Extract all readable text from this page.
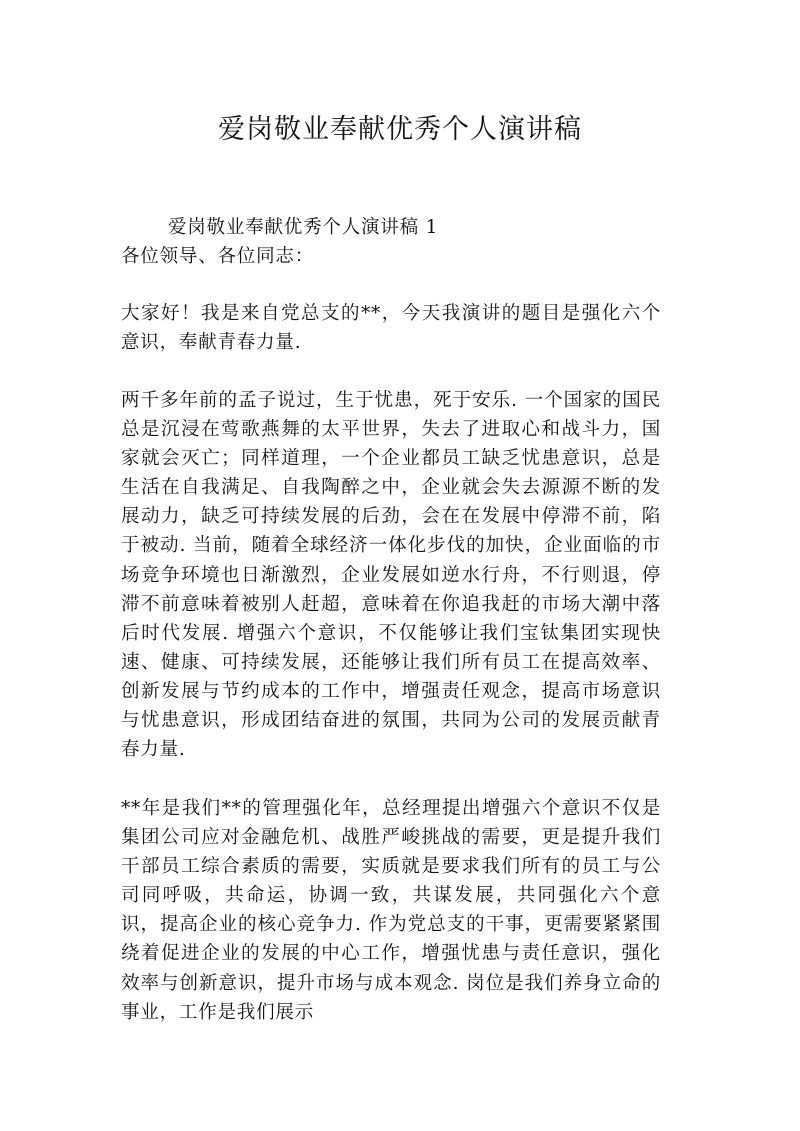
爱岗敬业奉献优秀个人演讲稿

爱岗敬业奉献优秀个人演讲稿 1

各位领导、各位同志：

大家好！我是来自党总支的**，今天我演讲的题目是强化六个意识，奉献青春力量.

两千多年前的孟子说过，生于忧患，死于安乐. 一个国家的国民总是沉浸在莺歌燕舞的太平世界，失去了进取心和战斗力，国家就会灭亡；同样道理，一个企业都员工缺乏忧患意识，总是生活在自我满足、自我陶醉之中，企业就会失去源源不断的发展动力，缺乏可持续发展的后劲，会在在发展中停滞不前，陷于被动. 当前，随着全球经济一体化步伐的加快，企业面临的市场竞争环境也日渐激烈，企业发展如逆水行舟，不行则退，停滞不前意味着被别人赶超，意味着在你追我赶的市场大潮中落后时代发展. 增强六个意识，不仅能够让我们宝钛集团实现快速、健康、可持续发展，还能够让我们所有员工在提高效率、创新发展与节约成本的工作中，增强责任观念，提高市场意识与忧患意识，形成团结奋进的氛围，共同为公司的发展贡献青春力量.

**年是我们**的管理强化年，总经理提出增强六个意识不仅是集团公司应对金融危机、战胜严峻挑战的需要，更是提升我们干部员工综合素质的需要，实质就是要求我们所有的员工与公司同呼吸，共命运，协调一致，共谋发展，共同强化六个意识，提高企业的核心竞争力. 作为党总支的干事，更需要紧紧围绕着促进企业的发展的中心工作，增强忧患与责任意识，强化效率与创新意识，提升市场与成本观念. 岗位是我们养身立命的事业，工作是我们展示
